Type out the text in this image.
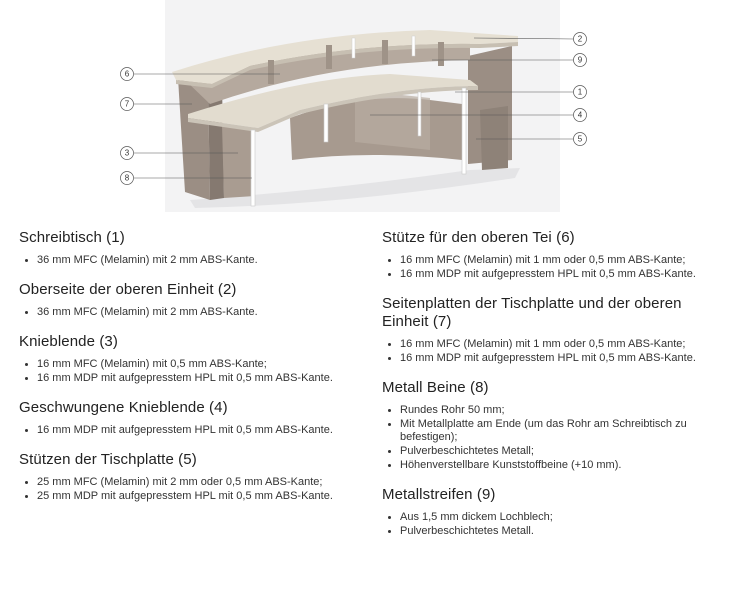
6
7
3
8
2
9
1
4
5
Schreibtisch (1)
• 36 mm MFC (Melamin) mit 2 mm ABS-Kante.
Oberseite der oberen Einheit (2)
• 36 mm MFC (Melamin) mit 2 mm ABS-Kante.
Knieblende (3)
• 16 mm MFC (Melamin) mit 0,5 mm ABS-Kante;
• 16 mm MDP mit aufgepresstem HPL mit 0,5 mm ABS-Kante.
Geschwungene Knieblende (4)
• 16 mm MDP mit aufgepresstem HPL mit 0,5 mm ABS-Kante.
Stützen der Tischplatte (5)
• 25 mm MFC (Melamin) mit 2 mm oder 0,5 mm ABS-Kante;
• 25 mm MDP mit aufgepresstem HPL mit 0,5 mm ABS-Kante.
Stütze für den oberen Tei (6)
• 16 mm MFC (Melamin) mit 1 mm oder 0,5 mm ABS-Kante;
• 16 mm MDP mit aufgepresstem HPL mit 0,5 mm ABS-Kante.
Seitenplatten der Tischplatte und der oberen Einheit (7)
• 16 mm MFC (Melamin) mit 1 mm oder 0,5 mm ABS-Kante;
• 16 mm MDP mit aufgepresstem HPL mit 0,5 mm ABS-Kante.
Metall Beine (8)
• Rundes Rohr 50 mm;
• Mit Metallplatte am Ende (um das Rohr am Schreibtisch zu befestigen);
• Pulverbeschichtetes Metall;
• Höhenverstellbare Kunststoffbeine (+10 mm).
Metallstreifen (9)
• Aus 1,5 mm dickem Lochblech;
• Pulverbeschichtetes Metall.
